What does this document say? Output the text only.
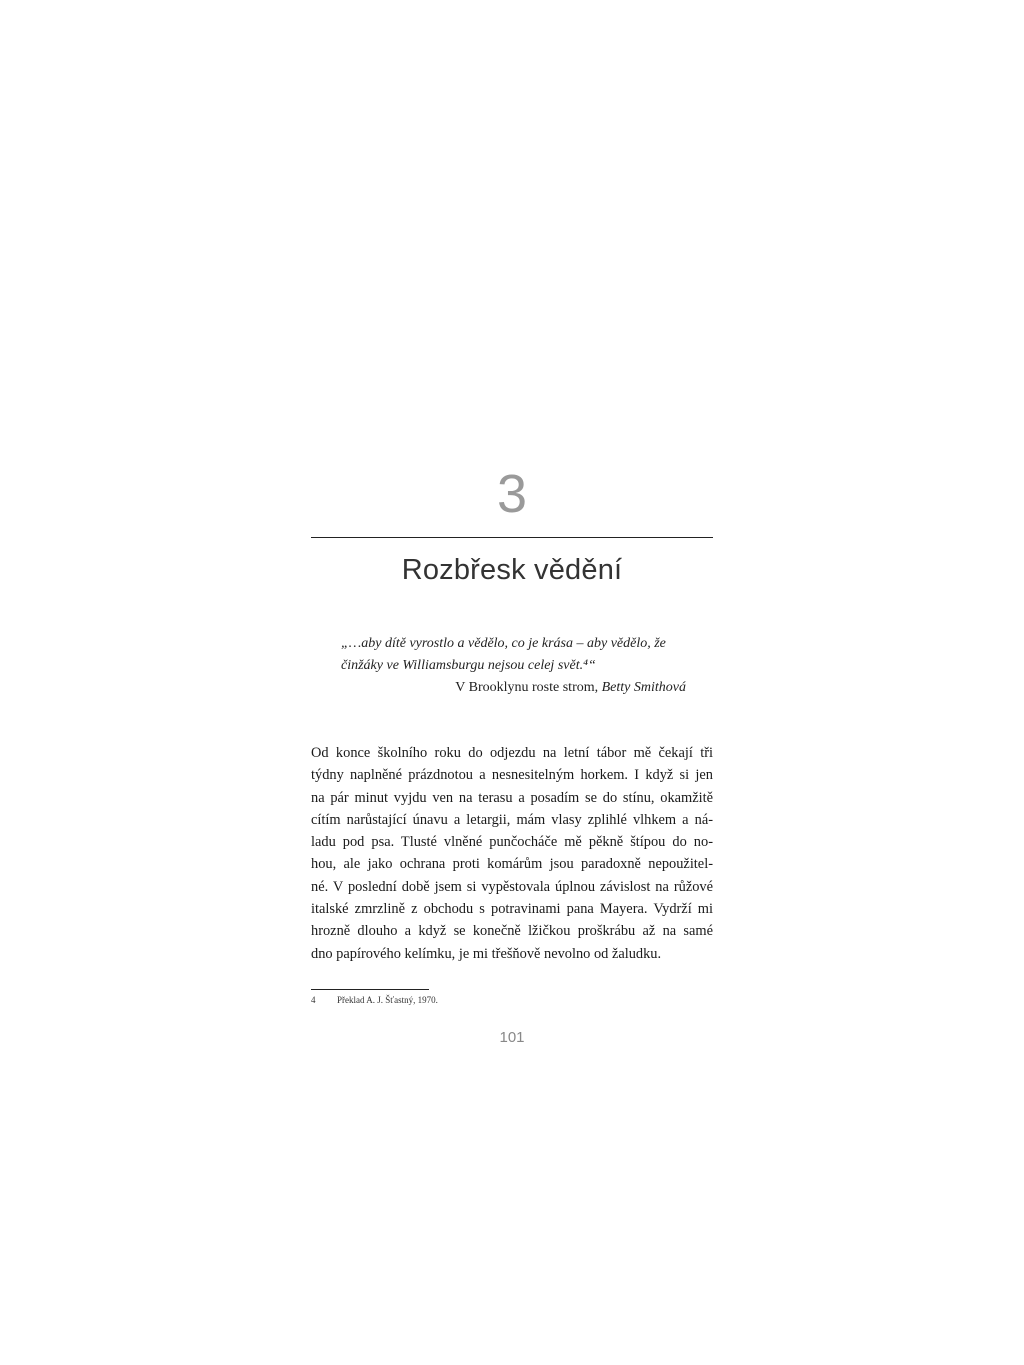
3
Rozbřesk vědění

„…aby dítě vyrostlo a vědělo, co je krása – aby vědělo, že
činžáky ve Williamsburgu nejsou celej svět.⁴“

V Brooklynu roste strom, Betty Smithová

Od konce školního roku do odjezdu na letní tábor mě čekají tři
týdny naplněné prázdnotou a nesnesitelným horkem. I když si jen
na pár minut vyjdu ven na terasu a posadím se do stínu, okamžitě
cítím narůstající únavu a letargii, mám vlasy zplihlé vlhkem a ná-
ladu pod psa. Tlusté vlněné punčocháče mě pěkně štípou do no-
hou, ale jako ochrana proti komárům jsou paradoxně nepoužitel-
né. V poslední době jsem si vypěstovala úplnou závislost na růžové
italské zmrzlině z obchodu s potravinami pana Mayera. Vydrží mi
hrozně dlouho a když se konečně lžičkou proškrábu až na samé
dno papírového kelímku, je mi třešňově nevolno od žaludku.

4 Překlad A. J. Šťastný, 1970.
101
